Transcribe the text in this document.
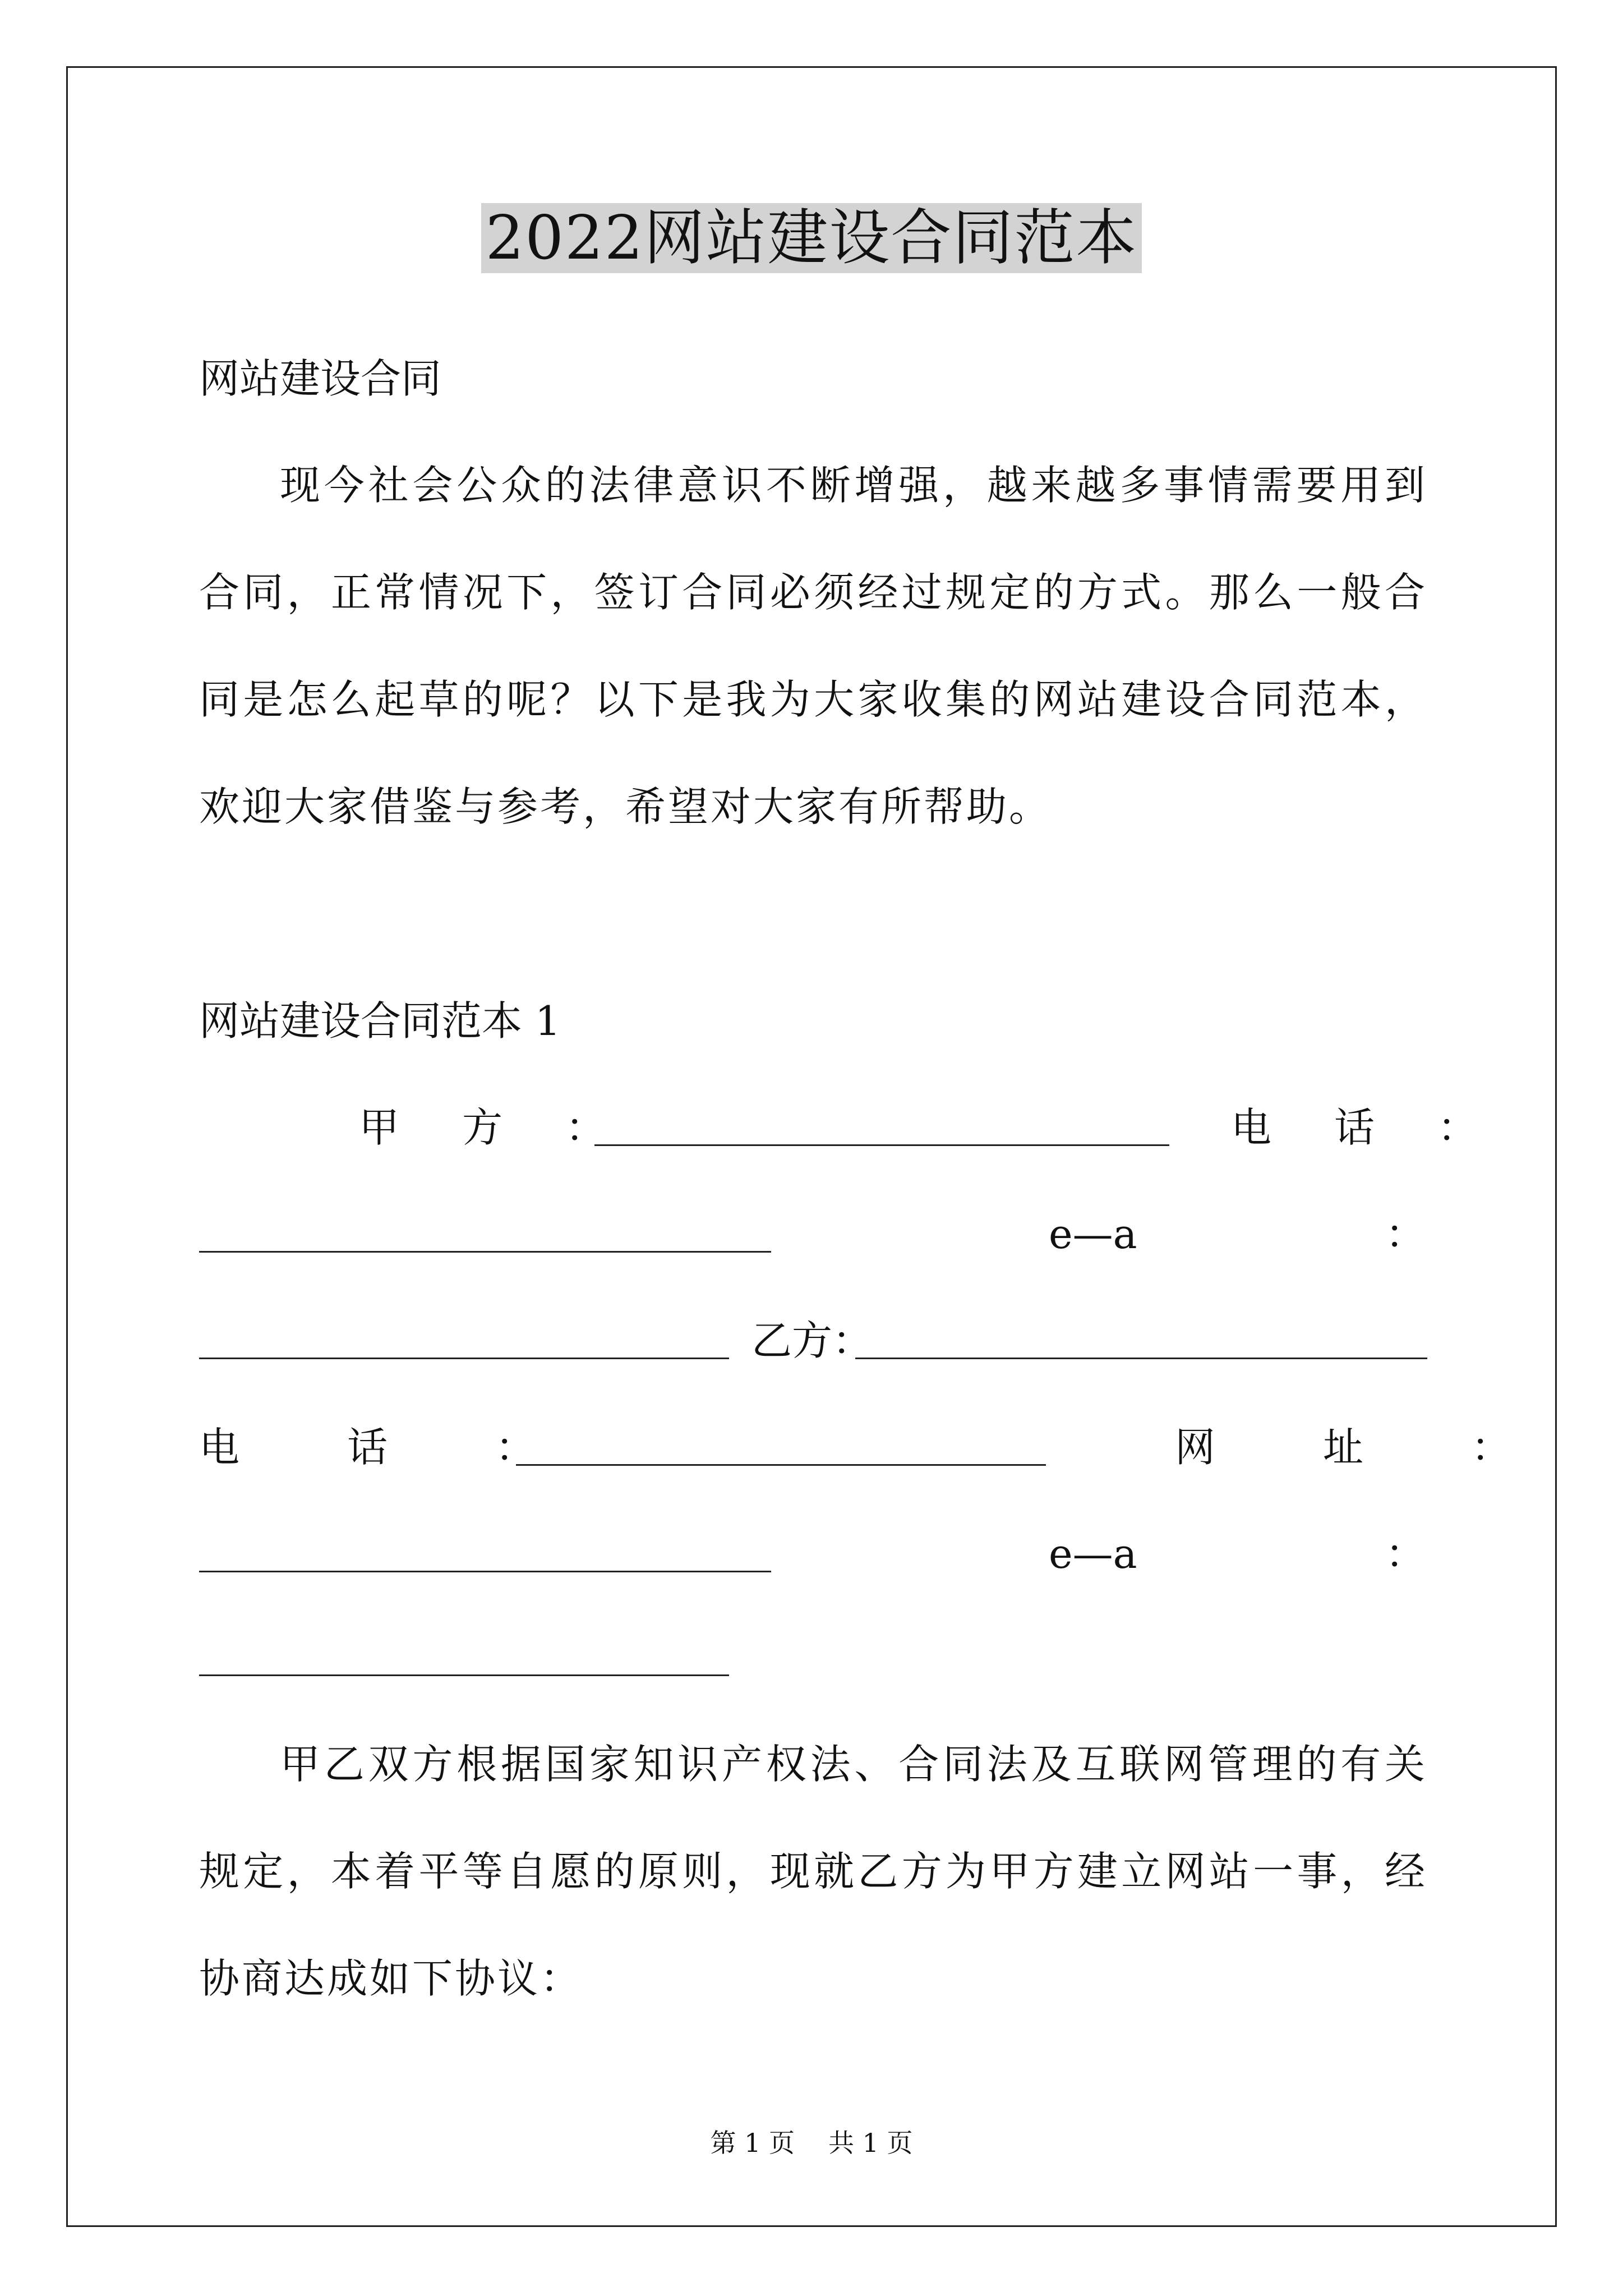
2022网站建设合同范本
网站建设合同
现今社会公众的法律意识不断增强，越来越多事情需要用到合同，正常情况下，签订合同必须经过规定的方式。那么一般合同是怎么起草的呢？以下是我为大家收集的网站建设合同范本，欢迎大家借鉴与参考，希望对大家有所帮助。
网站建设合同范本 1
甲　方　：	电　话　：
e—a	：
乙方：
电　话　：	网　址　：
e—a	：
甲乙双方根据国家知识产权法、合同法及互联网管理的有关规定，本着平等自愿的原则，现就乙方为甲方建立网站一事，经协商达成如下协议：
第 1 页 共 1 页
